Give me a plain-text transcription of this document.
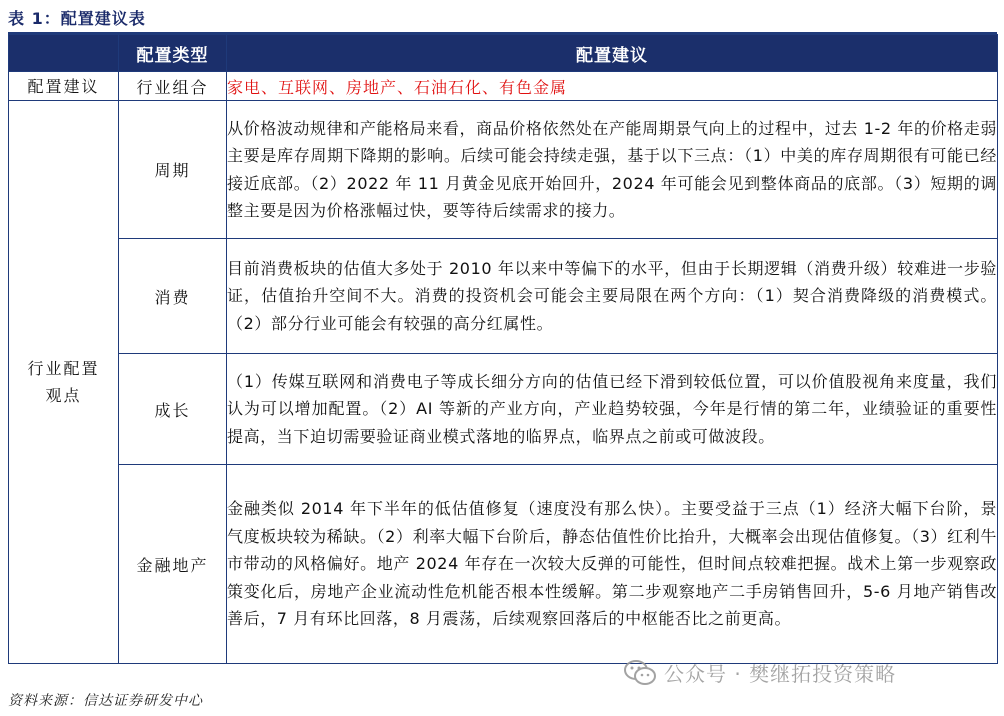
表 1：配置建议表
	配置类型	配置建议
配置建议	行业组合	家电、互联网、房地产、石油石化、有色金属

行业配置观点	周期	从价格波动规律和产能格局来看，商品价格依然处在产能周期景气向上的过程中，过去 1-2 年的价格走弱主要是库存周期下降期的影响。后续可能会持续走强，基于以下三点：（1）中美的库存周期很有可能已经接近底部。（2）2022 年 11 月黄金见底开始回升，2024 年可能会见到整体商品的底部。（3）短期的调整主要是因为价格涨幅过快，要等待后续需求的接力。
	消费	目前消费板块的估值大多处于 2010 年以来中等偏下的水平，但由于长期逻辑（消费升级）较难进一步验证，估值抬升空间不大。消费的投资机会可能会主要局限在两个方向：（1）契合消费降级的消费模式。（2）部分行业可能会有较强的高分红属性。
	成长	（1）传媒互联网和消费电子等成长细分方向的估值已经下滑到较低位置，可以价值股视角来度量，我们认为可以增加配置。（2）AI 等新的产业方向，产业趋势较强，今年是行情的第二年，业绩验证的重要性提高，当下迫切需要验证商业模式落地的临界点，临界点之前或可做波段。
	金融地产	金融类似 2014 年下半年的低估值修复（速度没有那么快）。主要受益于三点（1）经济大幅下台阶，景气度板块较为稀缺。（2）利率大幅下台阶后，静态估值性价比抬升，大概率会出现估值修复。（3）红利牛市带动的风格偏好。地产 2024 年存在一次较大反弹的可能性，但时间点较难把握。战术上第一步观察政策变化后，房地产企业流动性危机能否根本性缓解。第二步观察地产二手房销售回升，5-6 月地产销售改善后，7 月有环比回落，8 月震荡，后续观察回落后的中枢能否比之前更高。
公众号 · 樊继拓投资策略
资料来源：信达证券研发中心
